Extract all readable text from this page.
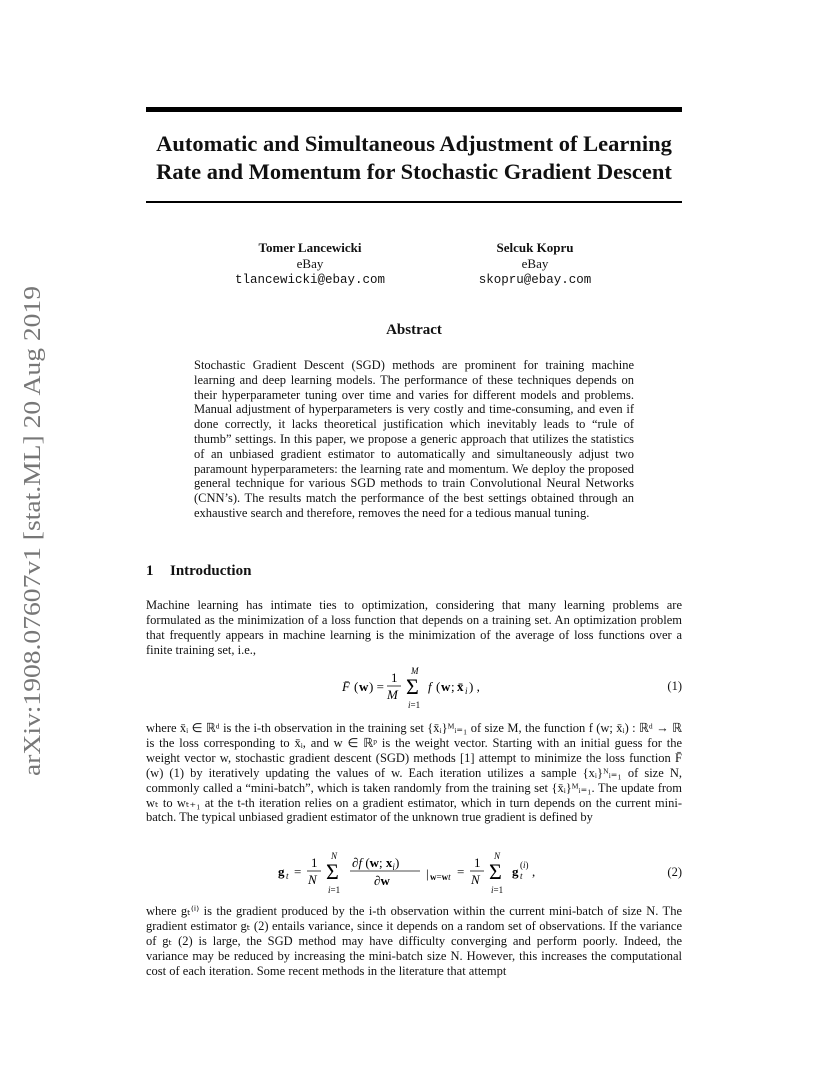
arXiv:1908.07607v1 [stat.ML] 20 Aug 2019
Automatic and Simultaneous Adjustment of Learning Rate and Momentum for Stochastic Gradient Descent
Tomer Lancewicki
eBay
tlancewicki@ebay.com
Selcuk Kopru
eBay
skopru@ebay.com
Abstract
Stochastic Gradient Descent (SGD) methods are prominent for training machine learning and deep learning models. The performance of these techniques depends on their hyperparameter tuning over time and varies for different models and problems. Manual adjustment of hyperparameters is very costly and time-consuming, and even if done correctly, it lacks theoretical justification which inevitably leads to “rule of thumb” settings. In this paper, we propose a generic approach that utilizes the statistics of an unbiased gradient estimator to automatically and simultaneously adjust two paramount hyperparameters: the learning rate and momentum. We deploy the proposed general technique for various SGD methods to train Convolutional Neural Networks (CNN’s). The results match the performance of the best settings obtained through an exhaustive search and therefore, removes the need for a tedious manual tuning.
1 Introduction
Machine learning has intimate ties to optimization, considering that many learning problems are formulated as the minimization of a loss function that depends on a training set. An optimization problem that frequently appears in machine learning is the minimization of the average of loss functions over a finite training set, i.e.,
F̄ ( w ) =
1
M
M
Σ
i=1
f ( w ; x̄ i ) ,	(1)
where x̄ᵢ ∈ ℝᵈ is the i-th observation in the training set {x̄ᵢ}ᴹᵢ₌₁ of size M, the function f (w; x̄ᵢ) : ℝᵈ → ℝ is the loss corresponding to x̄ᵢ, and w ∈ ℝᵖ is the weight vector. Starting with an initial guess for the weight vector w, stochastic gradient descent (SGD) methods [1] attempt to minimize the loss function F̄ (w) (1) by iteratively updating the values of w. Each iteration utilizes a sample {xᵢ}ᴺᵢ₌₁ of size N, commonly called a “mini-batch”, which is taken randomly from the training set {x̄ᵢ}ᴹᵢ₌₁. The update from wₜ to wₜ₊₁ at the t-th iteration relies on a gradient estimator, which in turn depends on the current mini-batch. The typical unbiased gradient estimator of the unknown true gradient is defined by
g t =
1
N
N
Σ
i=1
∂f (w; $x_i$)
∂w	| w=wt =
1
N
N
Σ
i=1
g t
(i) ,	(2)
where gₜ⁽ⁱ⁾ is the gradient produced by the i-th observation within the current mini-batch of size N. The gradient estimator gₜ (2) entails variance, since it depends on a random set of observations. If the variance of gₜ (2) is large, the SGD method may have difficulty converging and perform poorly. Indeed, the variance may be reduced by increasing the mini-batch size N. However, this increases the computational cost of each iteration. Some recent methods in the literature that attempt
